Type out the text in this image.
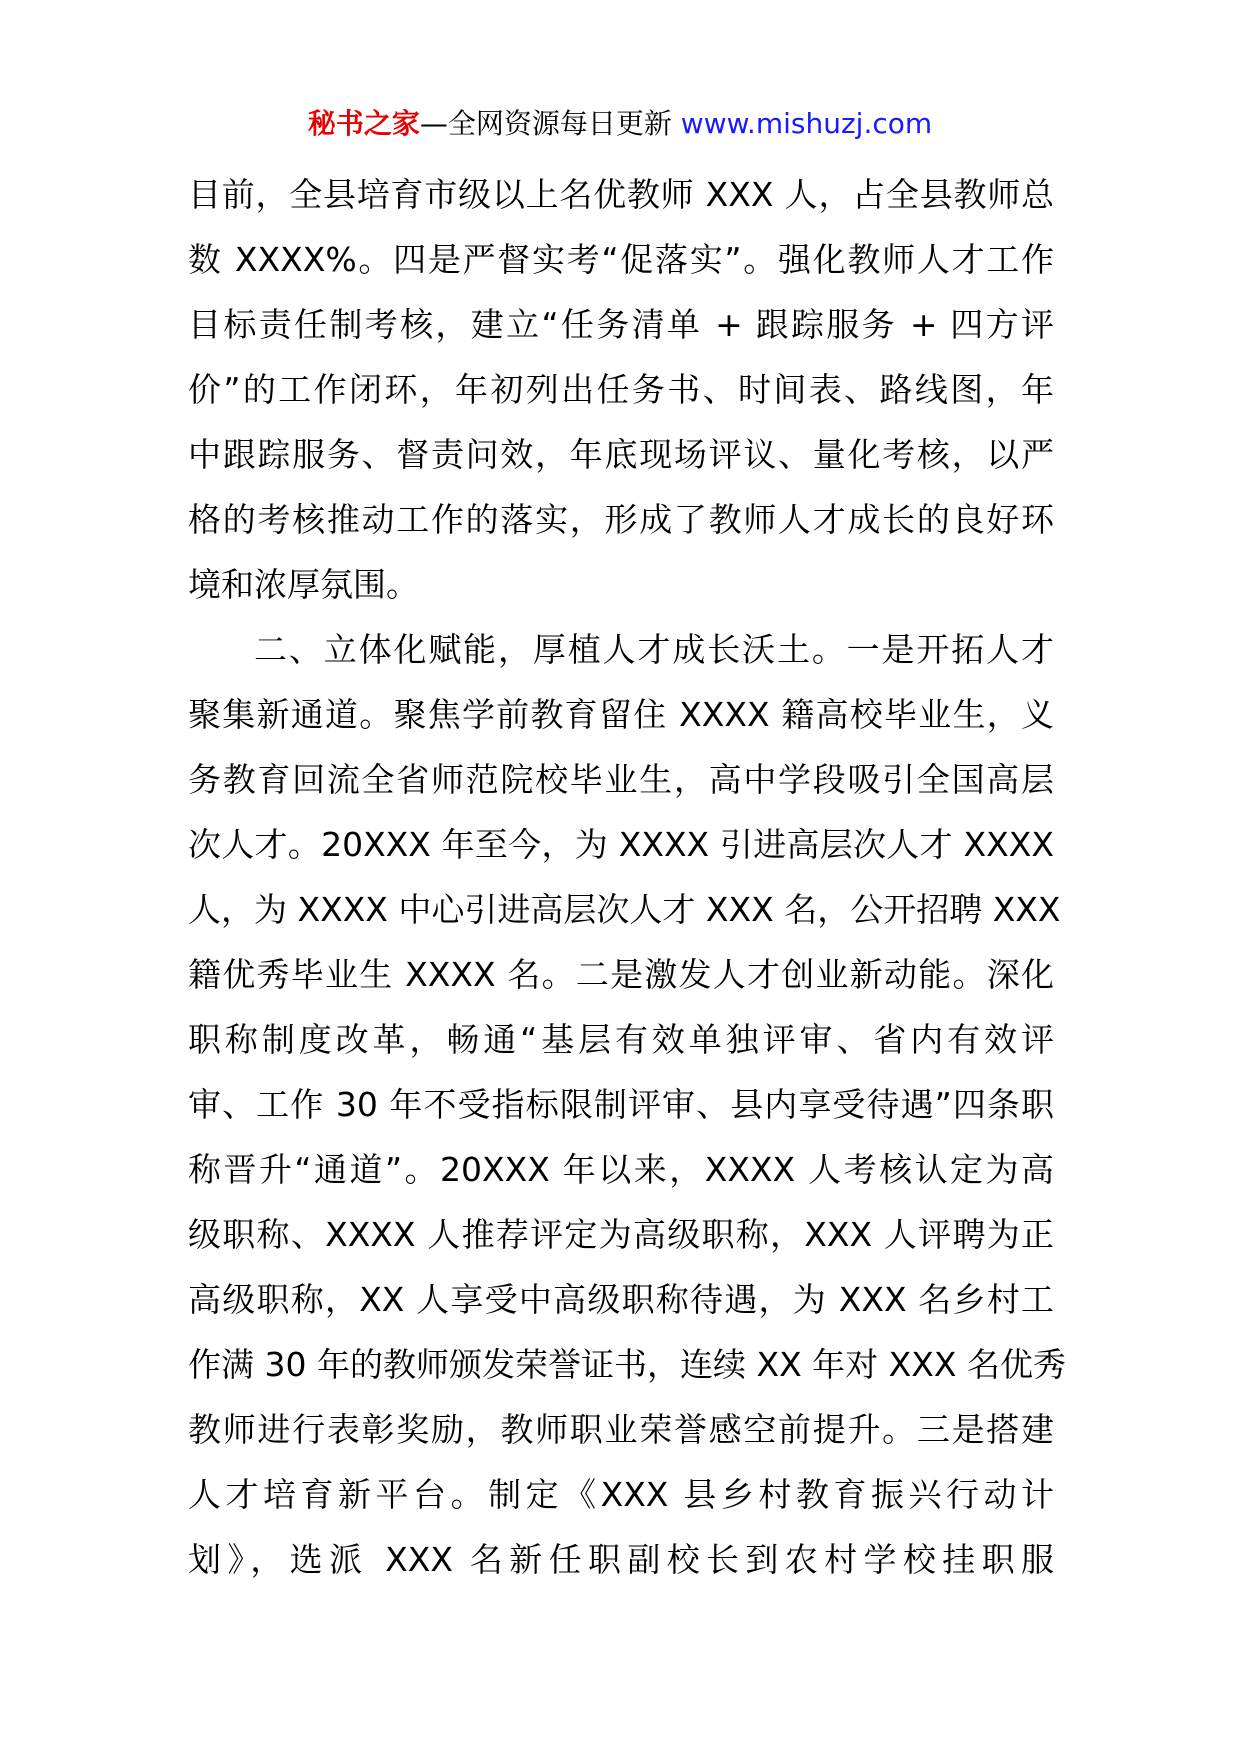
秘书之家—全网资源每日更新 www.mishuzj.com
目前，全县培育市级以上名优教师 XXX 人，占全县教师总
数 XXXX%。四是严督实考“促落实”。强化教师人才工作
目标责任制考核，建立“任务清单 + 跟踪服务 + 四方评
价”的工作闭环，年初列出任务书、时间表、路线图，年
中跟踪服务、督责问效，年底现场评议、量化考核，以严
格的考核推动工作的落实，形成了教师人才成长的良好环
境和浓厚氛围。
二、立体化赋能，厚植人才成长沃土。一是开拓人才
聚集新通道。聚焦学前教育留住 XXXX 籍高校毕业生，义
务教育回流全省师范院校毕业生，高中学段吸引全国高层
次人才。20XXX 年至今，为 XXXX 引进高层次人才 XXXX
人，为 XXXX 中心引进高层次人才 XXX 名，公开招聘 XXX
籍优秀毕业生 XXXX 名。二是激发人才创业新动能。深化
职称制度改革，畅通“基层有效单独评审、省内有效评
审、工作 30 年不受指标限制评审、县内享受待遇”四条职
称晋升“通道”。20XXX 年以来，XXXX 人考核认定为高
级职称、XXXX 人推荐评定为高级职称，XXX 人评聘为正
高级职称，XX 人享受中高级职称待遇，为 XXX 名乡村工
作满 30 年的教师颁发荣誉证书，连续 XX 年对 XXX 名优秀
教师进行表彰奖励，教师职业荣誉感空前提升。三是搭建
人才培育新平台。制定《XXX 县乡村教育振兴行动计
划》，选派 XXX 名新任职副校长到农村学校挂职服
